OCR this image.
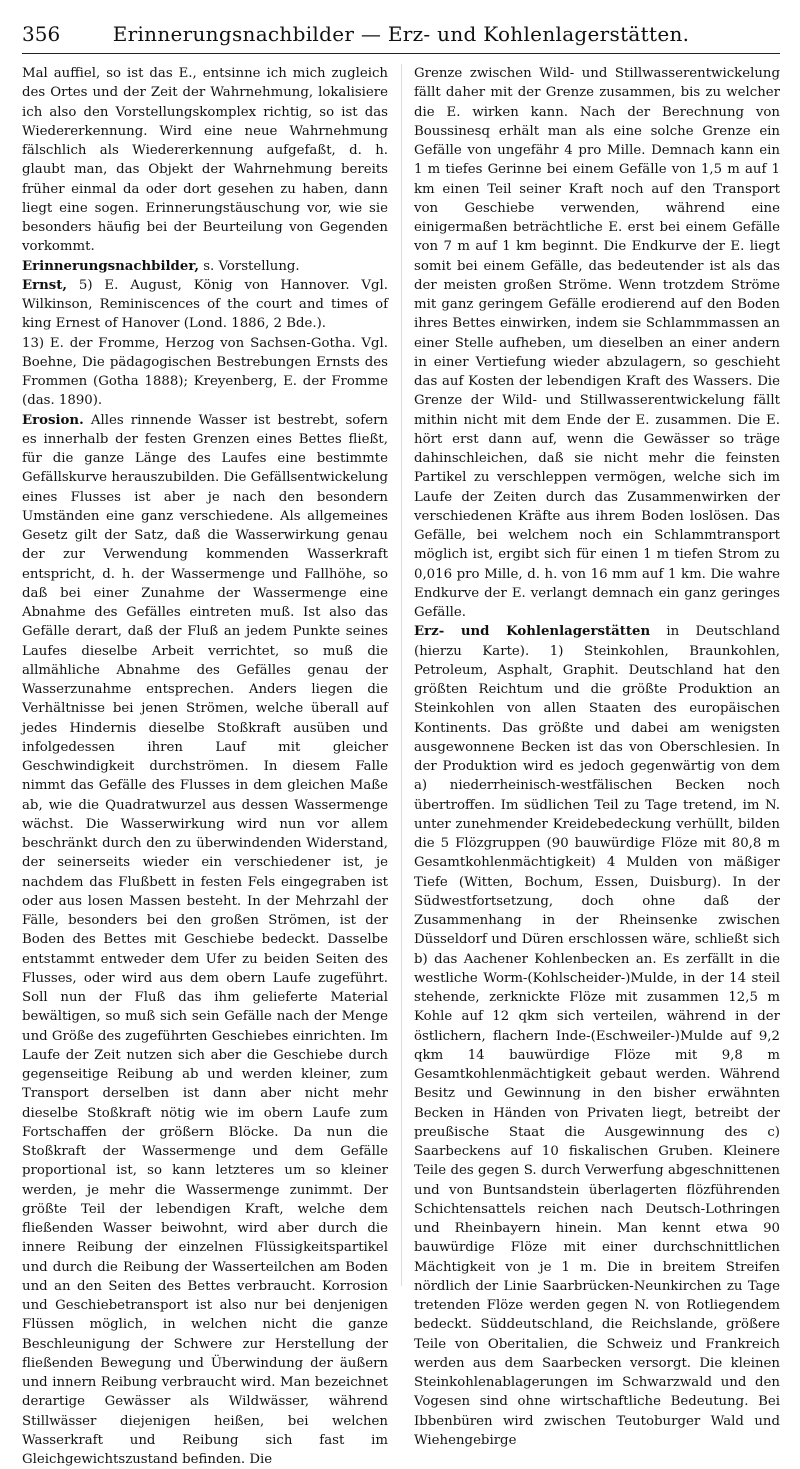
356	Erinnerungsnachbilder — Erz- und Kohlenlagerstätten.

Mal auffiel, so ist das E., entsinne ich mich zugleich des Ortes und der Zeit der Wahrnehmung, lokalisiere ich also den Vorstellungskomplex richtig, so ist das Wiedererkennung. Wird eine neue Wahrnehmung fälschlich als Wiedererkennung aufgefaßt, d. h. glaubt man, das Objekt der Wahrnehmung bereits früher einmal da oder dort gesehen zu haben, dann liegt eine sogen. Erinnerungstäuschung vor, wie sie besonders häufig bei der Beurteilung von Gegenden vorkommt.

Erinnerungsnachbilder, s. Vorstellung.

Ernst, 5) E. August, König von Hannover. Vgl. Wilkinson, Reminiscences of the court and times of king Ernest of Hanover (Lond. 1886, 2 Bde.).

13) E. der Fromme, Herzog von Sachsen-Gotha. Vgl. Boehne, Die pädagogischen Bestrebungen Ernsts des Frommen (Gotha 1888); Kreyenberg, E. der Fromme (das. 1890).

Erosion. Alles rinnende Wasser ist bestrebt, sofern es innerhalb der festen Grenzen eines Bettes fließt, für die ganze Länge des Laufes eine bestimmte Gefällskurve herauszubilden. Die Gefällsentwickelung eines Flusses ist aber je nach den besondern Umständen eine ganz verschiedene. Als allgemeines Gesetz gilt der Satz, daß die Wasserwirkung genau der zur Verwendung kommenden Wasserkraft entspricht, d. h. der Wassermenge und Fallhöhe, so daß bei einer Zunahme der Wassermenge eine Abnahme des Gefälles eintreten muß. Ist also das Gefälle derart, daß der Fluß an jedem Punkte seines Laufes dieselbe Arbeit verrichtet, so muß die allmähliche Abnahme des Gefälles genau der Wasserzunahme entsprechen. Anders liegen die Verhältnisse bei jenen Strömen, welche überall auf jedes Hindernis dieselbe Stoßkraft ausüben und infolgedessen ihren Lauf mit gleicher Geschwindigkeit durchströmen. In diesem Falle nimmt das Gefälle des Flusses in dem gleichen Maße ab, wie die Quadratwurzel aus dessen Wassermenge wächst. Die Wasserwirkung wird nun vor allem beschränkt durch den zu überwindenden Widerstand, der seinerseits wieder ein verschiedener ist, je nachdem das Flußbett in festen Fels eingegraben ist oder aus losen Massen besteht. In der Mehrzahl der Fälle, besonders bei den großen Strömen, ist der Boden des Bettes mit Geschiebe bedeckt. Dasselbe entstammt entweder dem Ufer zu beiden Seiten des Flusses, oder wird aus dem obern Laufe zugeführt. Soll nun der Fluß das ihm gelieferte Material bewältigen, so muß sich sein Gefälle nach der Menge und Größe des zugeführten Geschiebes einrichten. Im Laufe der Zeit nutzen sich aber die Geschiebe durch gegenseitige Reibung ab und werden kleiner, zum Transport derselben ist dann aber nicht mehr dieselbe Stoßkraft nötig wie im obern Laufe zum Fortschaffen der größern Blöcke. Da nun die Stoßkraft der Wassermenge und dem Gefälle proportional ist, so kann letzteres um so kleiner werden, je mehr die Wassermenge zunimmt. Der größte Teil der lebendigen Kraft, welche dem fließenden Wasser beiwohnt, wird aber durch die innere Reibung der einzelnen Flüssigkeitspartikel und durch die Reibung der Wasserteilchen am Boden und an den Seiten des Bettes verbraucht. Korrosion und Geschiebetransport ist also nur bei denjenigen Flüssen möglich, in welchen nicht die ganze Beschleunigung der Schwere zur Herstellung der fließenden Bewegung und Überwindung der äußern und innern Reibung verbraucht wird. Man bezeichnet derartige Gewässer als Wildwässer, während Stillwässer diejenigen heißen, bei welchen Wasserkraft und Reibung sich fast im Gleichgewichtszustand befinden. Die

Grenze zwischen Wild- und Stillwasserentwickelung fällt daher mit der Grenze zusammen, bis zu welcher die E. wirken kann. Nach der Berechnung von Boussinesq erhält man als eine solche Grenze ein Gefälle von ungefähr 4 pro Mille. Demnach kann ein 1 m tiefes Gerinne bei einem Gefälle von 1,5 m auf 1 km einen Teil seiner Kraft noch auf den Transport von Geschiebe verwenden, während eine einigermaßen beträchtliche E. erst bei einem Gefälle von 7 m auf 1 km beginnt. Die Endkurve der E. liegt somit bei einem Gefälle, das bedeutender ist als das der meisten großen Ströme. Wenn trotzdem Ströme mit ganz geringem Gefälle erodierend auf den Boden ihres Bettes einwirken, indem sie Schlammmassen an einer Stelle aufheben, um dieselben an einer andern in einer Vertiefung wieder abzulagern, so geschieht das auf Kosten der lebendigen Kraft des Wassers. Die Grenze der Wild- und Stillwasserentwickelung fällt mithin nicht mit dem Ende der E. zusammen. Die E. hört erst dann auf, wenn die Gewässer so träge dahinschleichen, daß sie nicht mehr die feinsten Partikel zu verschleppen vermögen, welche sich im Laufe der Zeiten durch das Zusammenwirken der verschiedenen Kräfte aus ihrem Boden loslösen. Das Gefälle, bei welchem noch ein Schlammtransport möglich ist, ergibt sich für einen 1 m tiefen Strom zu 0,016 pro Mille, d. h. von 16 mm auf 1 km. Die wahre Endkurve der E. verlangt demnach ein ganz geringes Gefälle.

Erz- und Kohlenlagerstätten in Deutschland (hierzu Karte). 1) Steinkohlen, Braunkohlen, Petroleum, Asphalt, Graphit. Deutschland hat den größten Reichtum und die größte Produktion an Steinkohlen von allen Staaten des europäischen Kontinents. Das größte und dabei am wenigsten ausgewonnene Becken ist das von Oberschlesien. In der Produktion wird es jedoch gegenwärtig von dem a) niederrheinisch-westfälischen Becken noch übertroffen. Im südlichen Teil zu Tage tretend, im N. unter zunehmender Kreidebedeckung verhüllt, bilden die 5 Flözgruppen (90 bauwürdige Flöze mit 80,8 m Gesamtkohlenmächtigkeit) 4 Mulden von mäßiger Tiefe (Witten, Bochum, Essen, Duisburg). In der Südwestfortsetzung, doch ohne daß der Zusammenhang in der Rheinsenke zwischen Düsseldorf und Düren erschlossen wäre, schließt sich b) das Aachener Kohlenbecken an. Es zerfällt in die westliche Worm-(Kohlscheider-)Mulde, in der 14 steil stehende, zerknickte Flöze mit zusammen 12,5 m Kohle auf 12 qkm sich verteilen, während in der östlichern, flachern Inde-(Eschweiler-)Mulde auf 9,2 qkm 14 bauwürdige Flöze mit 9,8 m Gesamtkohlenmächtigkeit gebaut werden. Während Besitz und Gewinnung in den bisher erwähnten Becken in Händen von Privaten liegt, betreibt der preußische Staat die Ausgewinnung des c) Saarbeckens auf 10 fiskalischen Gruben. Kleinere Teile des gegen S. durch Verwerfung abgeschnittenen und von Buntsandstein überlagerten flözführenden Schichtensattels reichen nach Deutsch-Lothringen und Rheinbayern hinein. Man kennt etwa 90 bauwürdige Flöze mit einer durchschnittlichen Mächtigkeit von je 1 m. Die in breitem Streifen nördlich der Linie Saarbrücken-Neunkirchen zu Tage tretenden Flöze werden gegen N. von Rotliegendem bedeckt. Süddeutschland, die Reichslande, größere Teile von Oberitalien, die Schweiz und Frankreich werden aus dem Saarbecken versorgt. Die kleinen Steinkohlenablagerungen im Schwarzwald und den Vogesen sind ohne wirtschaftliche Bedeutung. Bei Ibbenbüren wird zwischen Teutoburger Wald und Wiehengebirge
